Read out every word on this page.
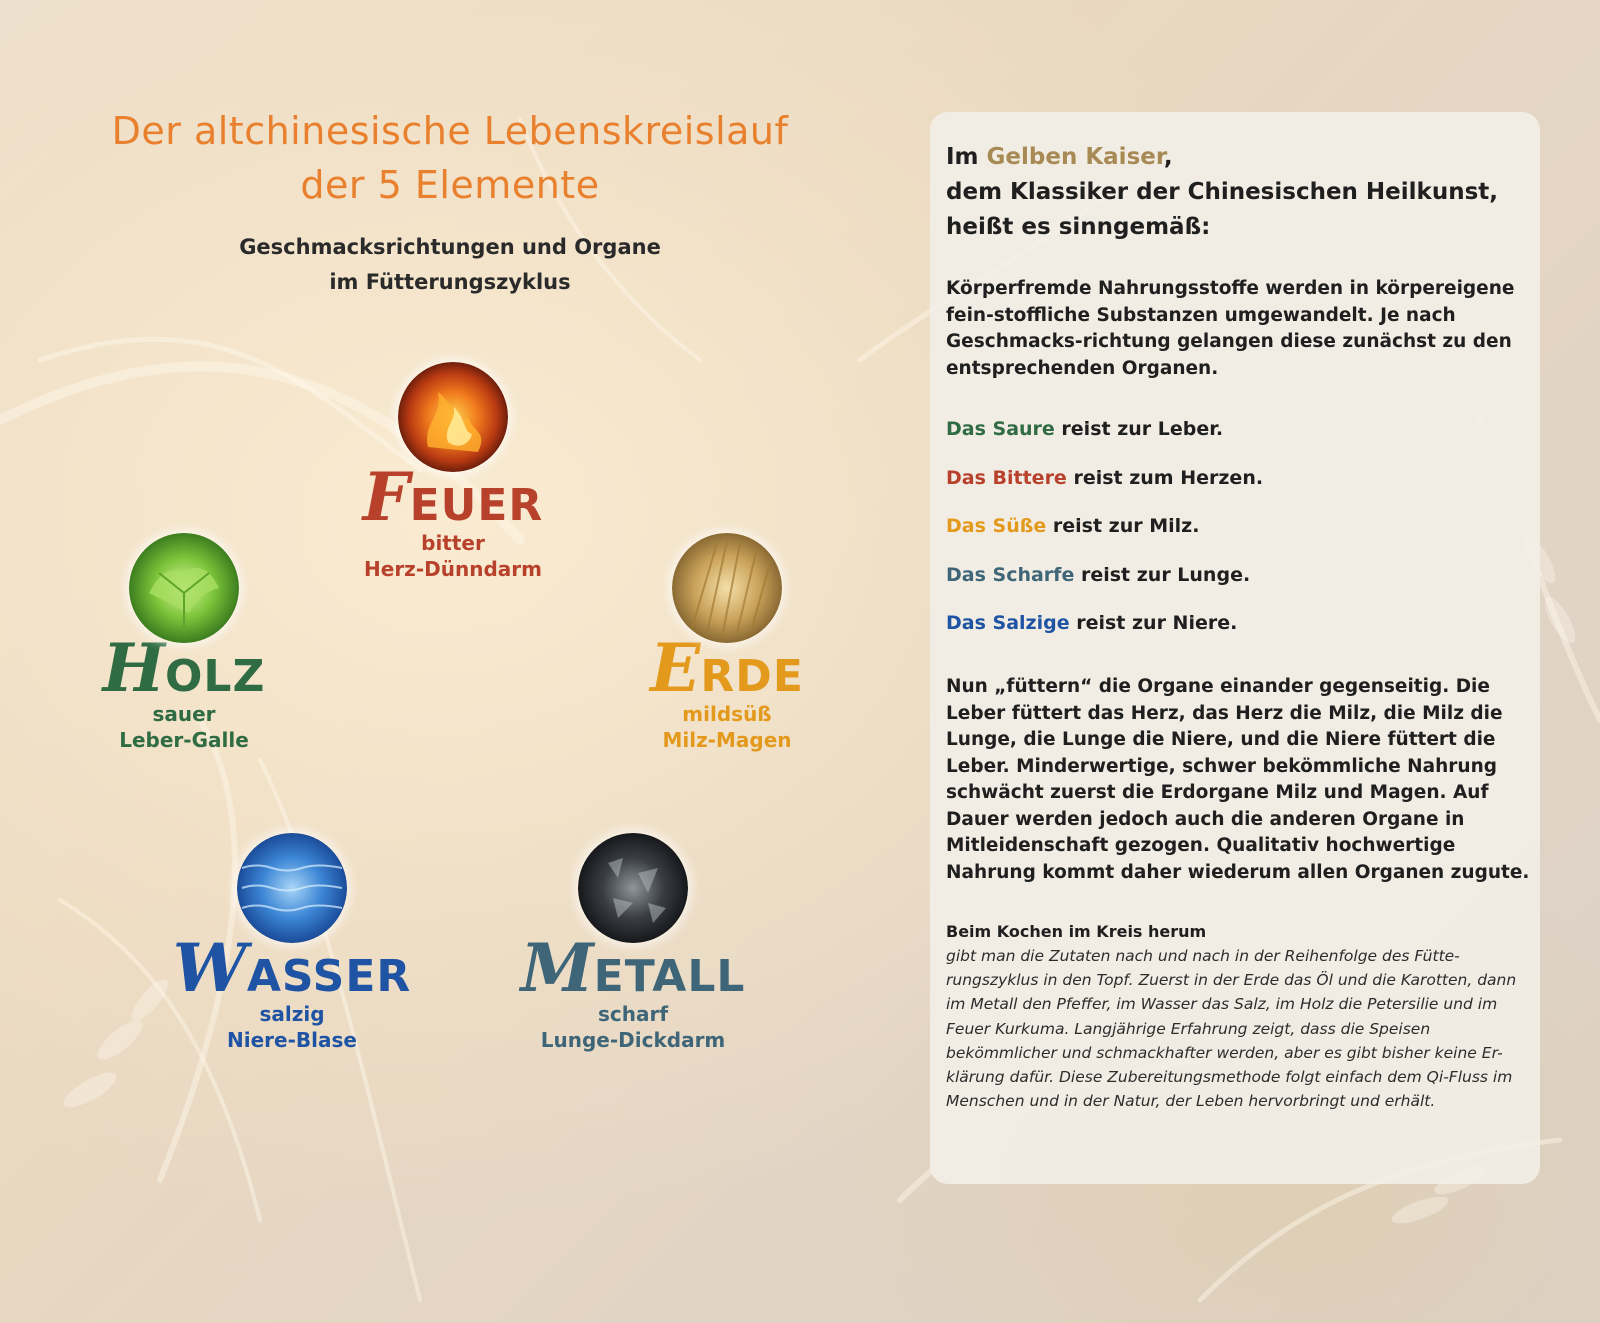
Der altchinesische Lebenskreislauf
der 5 Elemente
Geschmacksrichtungen und Organe
im Fütterungszyklus
FEUER
bitter
Herz-Dünndarm
HOLZ
sauer
Leber-Galle
ERDE
mildsüß
Milz-Magen
WASSER
salzig
Niere-Blase
METALL
scharf
Lunge-Dickdarm
Im Gelben Kaiser,
dem Klassiker der Chinesischen Heilkunst,
heißt es sinngemäß:
Körperfremde Nahrungsstoffe werden in körpereigene fein-stoffliche Substanzen umgewandelt. Je nach Geschmacks-richtung gelangen diese zunächst zu den entsprechenden Organen.
Das Saure reist zur Leber.
Das Bittere reist zum Herzen.
Das Süße reist zur Milz.
Das Scharfe reist zur Lunge.
Das Salzige reist zur Niere.
Nun „füttern“ die Organe einander gegenseitig. Die Leber füttert das Herz, das Herz die Milz, die Milz die Lunge, die Lunge die Niere, und die Niere füttert die Leber. Minderwertige, schwer bekömmliche Nahrung schwächt zuerst die Erdorgane Milz und Magen. Auf Dauer werden jedoch auch die anderen Organe in Mitleidenschaft gezogen. Qualitativ hochwertige Nahrung kommt daher wiederum allen Organen zugute.
Beim Kochen im Kreis herum
gibt man die Zutaten nach und nach in der Reihenfolge des Fütte-rungszyklus in den Topf. Zuerst in der Erde das Öl und die Karotten, dann im Metall den Pfeffer, im Wasser das Salz, im Holz die Petersilie und im Feuer Kurkuma. Langjährige Erfahrung zeigt, dass die Speisen bekömmlicher und schmackhafter werden, aber es gibt bisher keine Er-klärung dafür. Diese Zubereitungsmethode folgt einfach dem Qi-Fluss im Menschen und in der Natur, der Leben hervorbringt und erhält.
